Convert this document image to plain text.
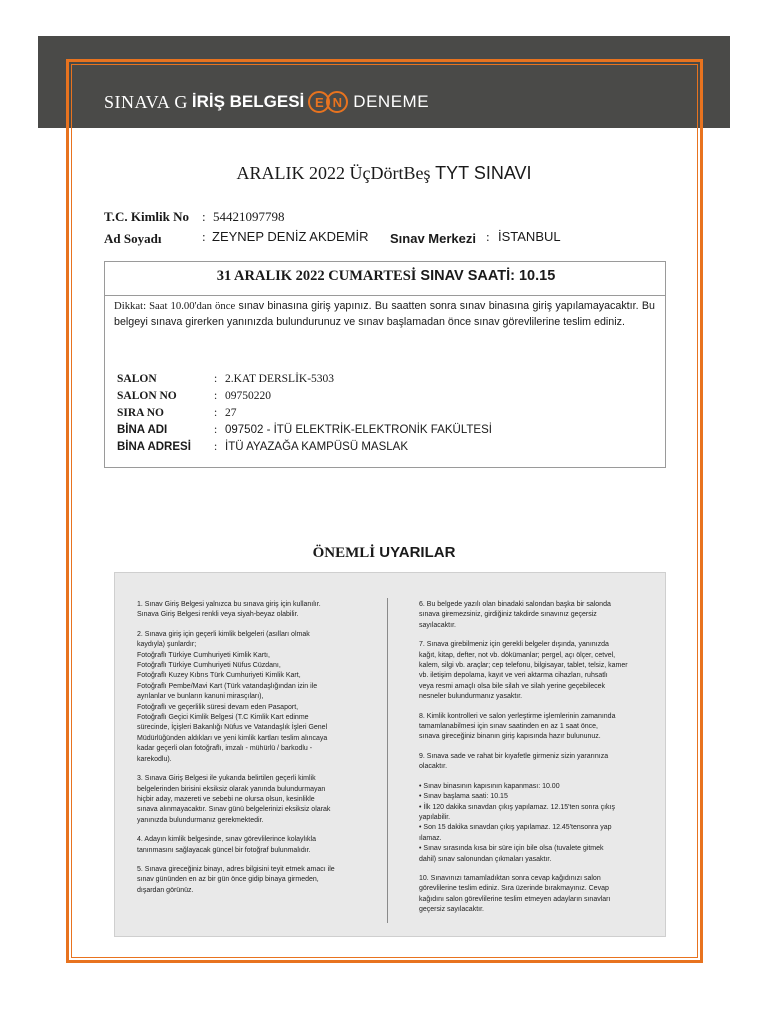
SINAVA G İRİŞ BELGESİ E N DENEME
ARALIK 2022 ÜçDörtBeş TYT SINAVI
T.C. Kimlik No : 54421097798
Ad Soyadı	: ZEYNEP DENİZ AKDEMİR Sınav Merkezi : İSTANBUL
31 ARALIK 2022 CUMARTESİ SINAV SAATİ: 10.15
Dikkat: Saat 10.00'dan önce sınav binasına giriş yapınız. Bu saatten sonra sınav binasına giriş yapılamayacaktır. Bu belgeyi sınava girerken yanınızda bulundurunuz ve sınav başlamadan önce sınav görevlilerine teslim ediniz.
SALON	: 2.KAT DERSLİK-5303
SALON NO	: 09750220
SIRA NO	: 27
BİNA ADI	: 097502 - İTÜ ELEKTRİK-ELEKTRONİK FAKÜLTESİ
BİNA ADRESİ : İTÜ AYAZAĞA KAMPÜSÜ MASLAK
ÖNEMLİ UYARILAR

1. Sınav Giriş Belgesi yalnızca bu sınava giriş için kullanılır.
Sınava Giriş Belgesi renkli veya siyah-beyaz olabilir.

2. Sınava giriş için geçerli kimlik belgeleri (asılları olmak
kaydıyla) şunlardır;
Fotoğraflı Türkiye Cumhuriyeti Kimlik Kartı,
Fotoğraflı Türkiye Cumhuriyeti Nüfus Cüzdanı,
Fotoğraflı Kuzey Kıbrıs Türk Cumhuriyeti Kimlik Kart,
Fotoğraflı Pembe/Mavi Kart (Türk vatandaşlığından izin ile
ayrılanlar ve bunların kanuni mirasçıları),
Fotoğraflı ve geçerlilik süresi devam eden Pasaport,
Fotoğraflı Geçici Kimlik Belgesi (T.C Kimlik Kart edinme
sürecinde, İçişleri Bakanlığı Nüfus ve Vatandaşlık İşleri Genel
Müdürlüğünden aldıkları ve yeni kimlik kartları teslim alıncaya
kadar geçerli olan fotoğraflı, imzalı - mühürlü / barkodlu -
karekodlu).

3. Sınava Giriş Belgesi ile yukarıda belirtilen geçerli kimlik
belgelerinden birisini eksiksiz olarak yanında bulundurmayan
hiçbir aday, mazereti ve sebebi ne olursa olsun, kesinlikle
sınava alınmayacaktır. Sınav günü belgelerinizi eksiksiz olarak
yanınızda bulundurmanız gerekmektedir.

4. Adayın kimlik belgesinde, sınav görevlilerince kolaylıkla
tanınmasını sağlayacak güncel bir fotoğraf bulunmalıdır.

5. Sınava gireceğiniz binayı, adres bilgisini teyit etmek amacı ile
sınav gününden en az bir gün önce gidip binaya girmeden,
dışardan görünüz.

6. Bu belgede yazılı olan binadaki salondan başka bir salonda
sınava giremezsiniz, girdiğiniz takdirde sınavınız geçersiz
sayılacaktır.

7. Sınava girebilmeniz için gerekli belgeler dışında, yanınızda
kağıt, kitap, defter, not vb. dökümanlar; pergel, açı ölçer, cetvel,
kalem, silgi vb. araçlar; cep telefonu, bilgisayar, tablet, telsiz, kamer
vb. iletişim depolama, kayıt ve veri aktarma cihazları, ruhsatlı
veya resmi amaçlı olsa bile silah ve silah yerine geçebilecek
nesneler bulundurmanız yasaktır.

8. Kimlik kontrolleri ve salon yerleştirme işlemlerinin zamanında
tamamlanabilmesi için sınav saatinden en az 1 saat önce,
sınava gireceğiniz binanın giriş kapısında hazır bulununuz.

9. Sınava sade ve rahat bir kıyafetle girmeniz sizin yararınıza
olacaktır.

• Sınav binasının kapısının kapanması: 10.00
• Sınav başlama saati: 10.15
• İlk 120 dakika sınavdan çıkış yapılamaz. 12.15'ten sonra çıkış
yapılabilir.
• Son 15 dakika sınavdan çıkış yapılamaz. 12.45'tensonra yap
ılamaz.
• Sınav sırasında kısa bir süre için bile olsa (tuvalete gitmek
dahil) sınav salonundan çıkmaları yasaktır.

10. Sınavınızı tamamladıktan sonra cevap kağıdınızı salon
görevlilerine teslim ediniz. Sıra üzerinde bırakmayınız. Cevap
kağıdını salon görevlilerine teslim etmeyen adayların sınavları
geçersiz sayılacaktır.
